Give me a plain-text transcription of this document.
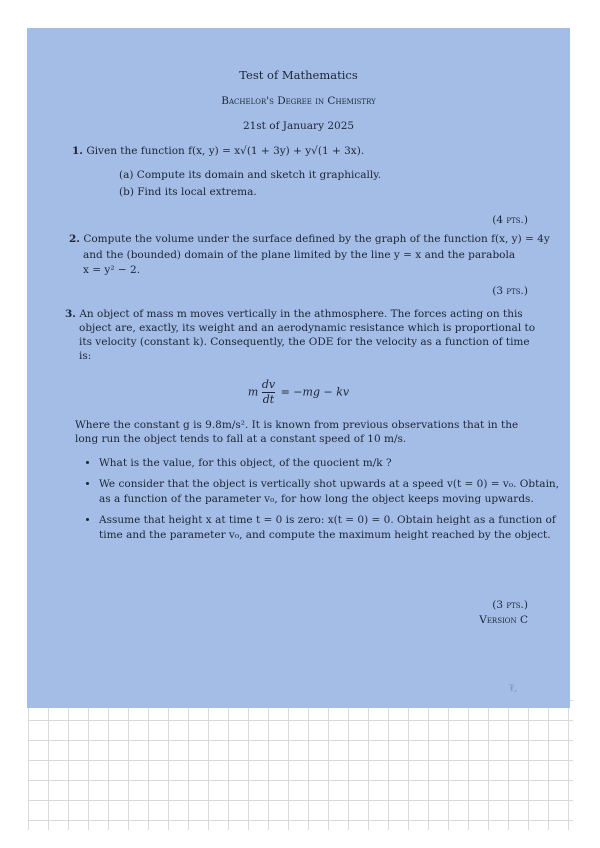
Test of Mathematics
Bachelor's Degree in Chemistry
21st of January 2025
1. Given the function f(x, y) = x√(1 + 3y) + y√(1 + 3x).
(a) Compute its domain and sketch it graphically.
(b) Find its local extrema.
(4 pts.)
2. Compute the volume under the surface defined by the graph of the function f(x, y) = 4y
and the (bounded) domain of the plane limited by the line y = x and the parabola
x = y² − 2.
(3 pts.)
3. An object of mass m moves vertically in the athmosphere. The forces acting on this
object are, exactly, its weight and an aerodynamic resistance which is proportional to
its velocity (constant k). Consequently, the ODE for the velocity as a function of time
is:
m $\frac{dv}{dt} = -mg$ − kv
Where the constant g is 9.8m/s². It is known from previous observations that in the
long run the object tends to fall at a constant speed of 10 m/s.
• What is the value, for this object, of the quocient m/k ?
• We consider that the object is vertically shot upwards at a speed v(t = 0) = v₀. Obtain, as a function of the parameter v₀, for how long the object keeps moving upwards.
• Assume that height x at time t = 0 is zero: x(t = 0) = 0. Obtain height as a function of time and the parameter v₀, and compute the maximum height reached by the object.
(3 pts.)
Version C
₮,
